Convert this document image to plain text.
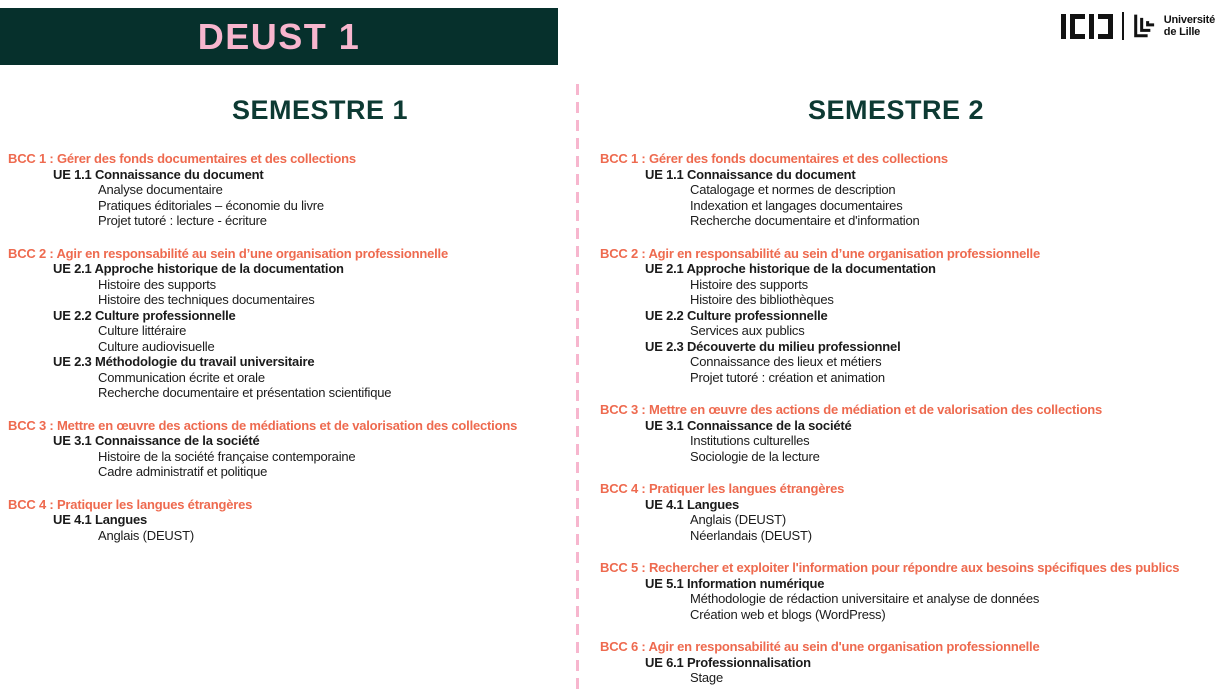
DEUST 1	Université
de Lille
SEMESTRE 1
BCC 1 : Gérer des fonds documentaires et des collections
UE 1.1 Connaissance du document
Analyse documentaire
Pratiques éditoriales – économie du livre
Projet tutoré : lecture - écriture
BCC 2 : Agir en responsabilité au sein d’une organisation professionnelle
UE 2.1 Approche historique de la documentation
Histoire des supports
Histoire des techniques documentaires
UE 2.2 Culture professionnelle
Culture littéraire
Culture audiovisuelle
UE 2.3 Méthodologie du travail universitaire
Communication écrite et orale
Recherche documentaire et présentation scientifique
BCC 3 : Mettre en œuvre des actions de médiations et de valorisation des collections
UE 3.1 Connaissance de la société
Histoire de la société française contemporaine
Cadre administratif et politique
BCC 4 : Pratiquer les langues étrangères
UE 4.1 Langues
Anglais (DEUST)
SEMESTRE 2
BCC 1 : Gérer des fonds documentaires et des collections
UE 1.1 Connaissance du document
Catalogage et normes de description
Indexation et langages documentaires
Recherche documentaire et d'information
BCC 2 : Agir en responsabilité au sein d’une organisation professionnelle
UE 2.1 Approche historique de la documentation
Histoire des supports
Histoire des bibliothèques
UE 2.2 Culture professionnelle
Services aux publics
UE 2.3 Découverte du milieu professionnel
Connaissance des lieux et métiers
Projet tutoré : création et animation
BCC 3 : Mettre en œuvre des actions de médiation et de valorisation des collections
UE 3.1 Connaissance de la société
Institutions culturelles
Sociologie de la lecture
BCC 4 : Pratiquer les langues étrangères
UE 4.1 Langues
Anglais (DEUST)
Néerlandais (DEUST)
BCC 5 : Rechercher et exploiter l'information pour répondre aux besoins spécifiques des publics
UE 5.1 Information numérique
Méthodologie de rédaction universitaire et analyse de données
Création web et blogs (WordPress)
BCC 6 : Agir en responsabilité au sein d'une organisation professionnelle
UE 6.1 Professionnalisation
Stage
